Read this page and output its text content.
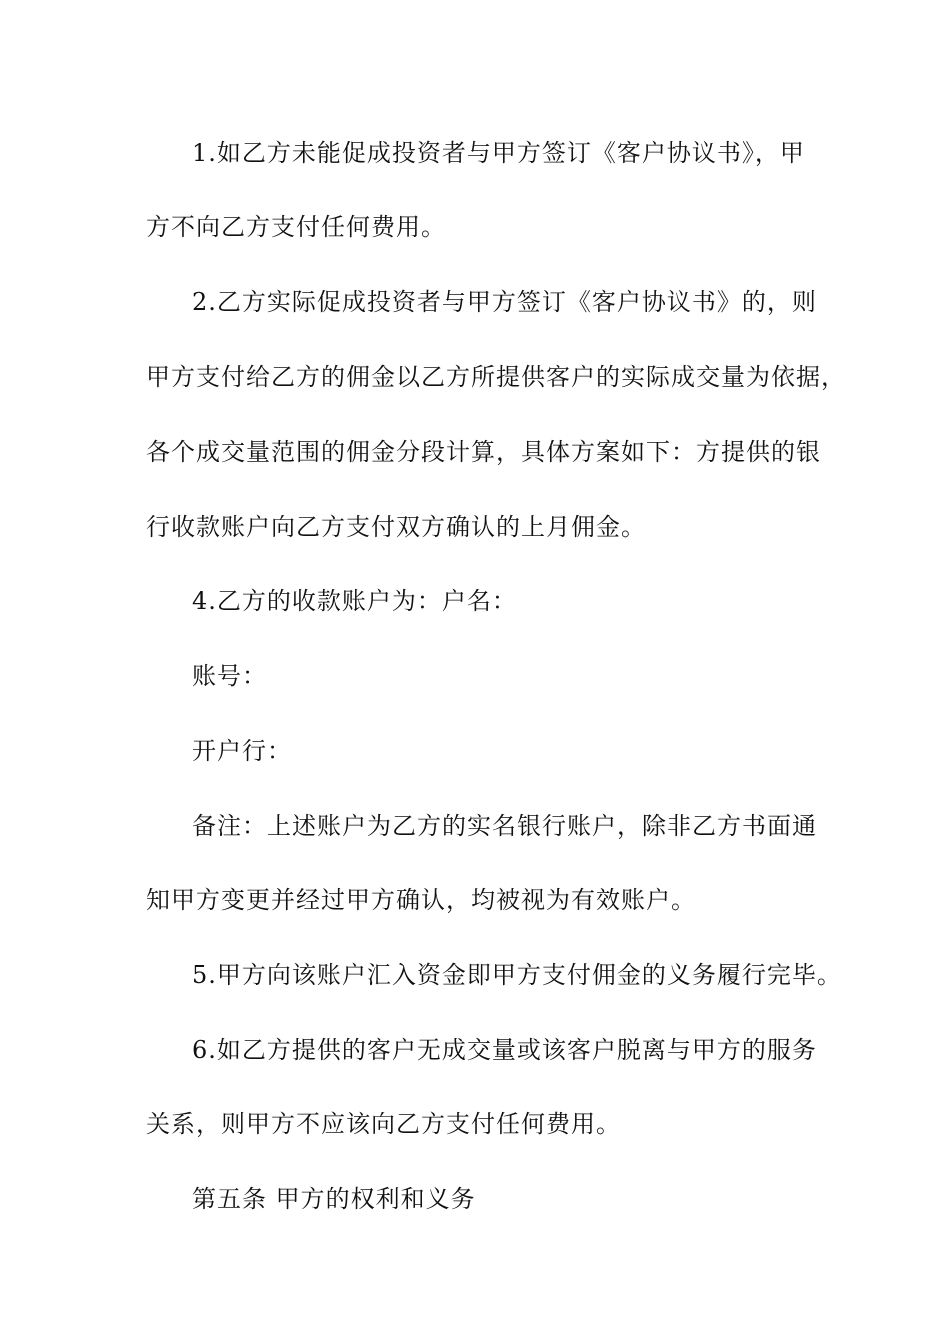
1.如乙方未能促成投资者与甲方签订《客户协议书》，甲
方不向乙方支付任何费用。
2.乙方实际促成投资者与甲方签订《客户协议书》的，则
甲方支付给乙方的佣金以乙方所提供客户的实际成交量为依据，
各个成交量范围的佣金分段计算，具体方案如下：方提供的银
行收款账户向乙方支付双方确认的上月佣金。
4.乙方的收款账户为：户名：
账号：
开户行：
备注：上述账户为乙方的实名银行账户，除非乙方书面通
知甲方变更并经过甲方确认，均被视为有效账户。
5.甲方向该账户汇入资金即甲方支付佣金的义务履行完毕。
6.如乙方提供的客户无成交量或该客户脱离与甲方的服务
关系，则甲方不应该向乙方支付任何费用。
第五条 甲方的权利和义务
